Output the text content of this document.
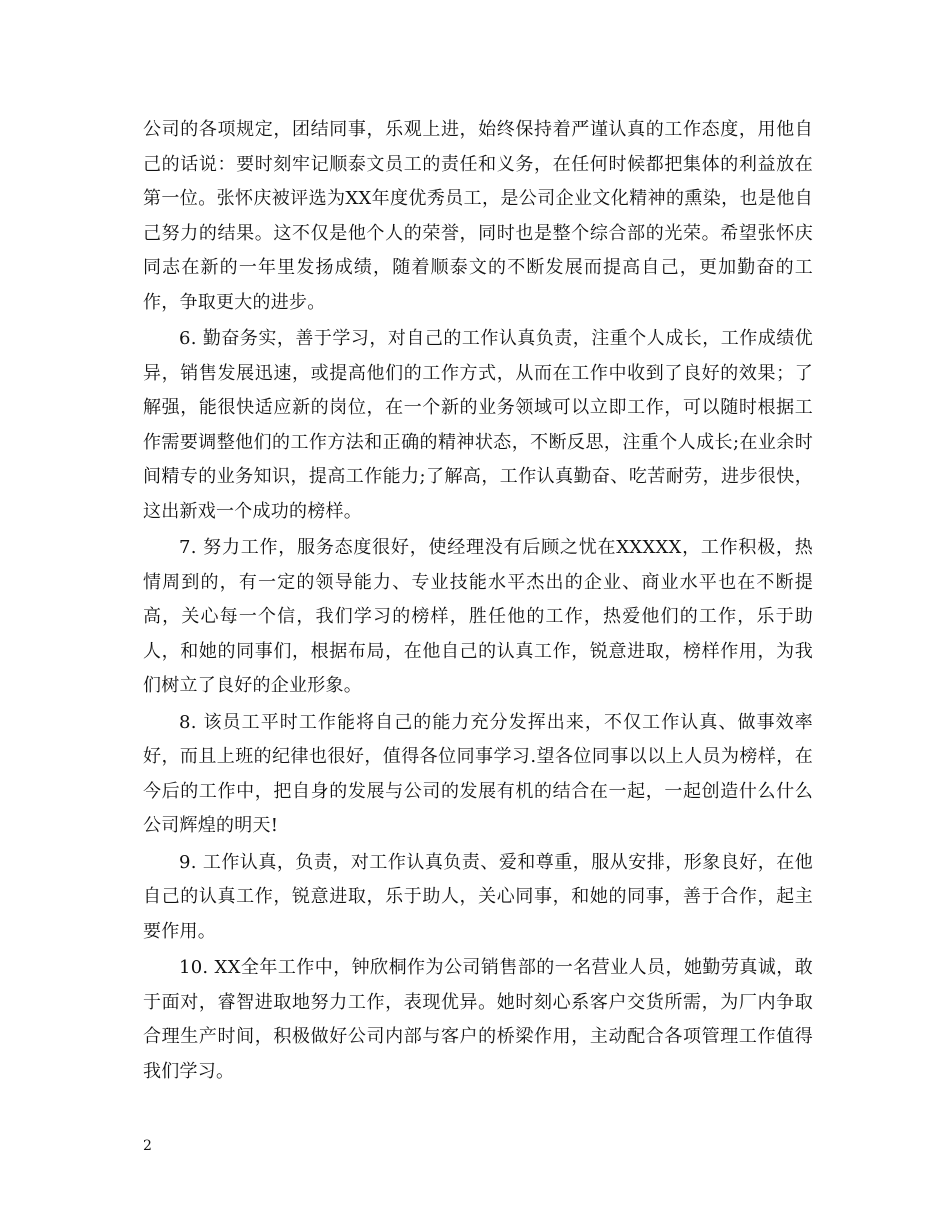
公司的各项规定，团结同事，乐观上进，始终保持着严谨认真的工作态度，用他自己的话说：要时刻牢记顺泰文员工的责任和义务，在任何时候都把集体的利益放在第一位。张怀庆被评选为XX年度优秀员工，是公司企业文化精神的熏染，也是他自己努力的结果。这不仅是他个人的荣誉，同时也是整个综合部的光荣。希望张怀庆同志在新的一年里发扬成绩，随着顺泰文的不断发展而提高自己，更加勤奋的工作，争取更大的进步。

6. 勤奋务实，善于学习，对自己的工作认真负责，注重个人成长，工作成绩优异，销售发展迅速，或提高他们的工作方式，从而在工作中收到了良好的效果；了解强，能很快适应新的岗位，在一个新的业务领域可以立即工作，可以随时根据工作需要调整他们的工作方法和正确的精神状态，不断反思，注重个人成长;在业余时间精专的业务知识，提高工作能力;了解高，工作认真勤奋、吃苦耐劳，进步很快，这出新戏一个成功的榜样。

7. 努力工作，服务态度很好，使经理没有后顾之忧在XXXXX，工作积极，热情周到的，有一定的领导能力、专业技能水平杰出的企业、商业水平也在不断提高，关心每一个信，我们学习的榜样，胜任他的工作，热爱他们的工作，乐于助人，和她的同事们，根据布局，在他自己的认真工作，锐意进取，榜样作用，为我们树立了良好的企业形象。

8. 该员工平时工作能将自己的能力充分发挥出来，不仅工作认真、做事效率好，而且上班的纪律也很好，值得各位同事学习.望各位同事以以上人员为榜样，在今后的工作中，把自身的发展与公司的发展有机的结合在一起，一起创造什么什么公司辉煌的明天!

9. 工作认真，负责，对工作认真负责、爱和尊重，服从安排，形象良好，在他自己的认真工作，锐意进取，乐于助人，关心同事，和她的同事，善于合作，起主要作用。

10. XX全年工作中，钟欣桐作为公司销售部的一名营业人员，她勤劳真诚，敢于面对，睿智进取地努力工作，表现优异。她时刻心系客户交货所需，为厂内争取合理生产时间，积极做好公司内部与客户的桥梁作用，主动配合各项管理工作值得我们学习。

2
